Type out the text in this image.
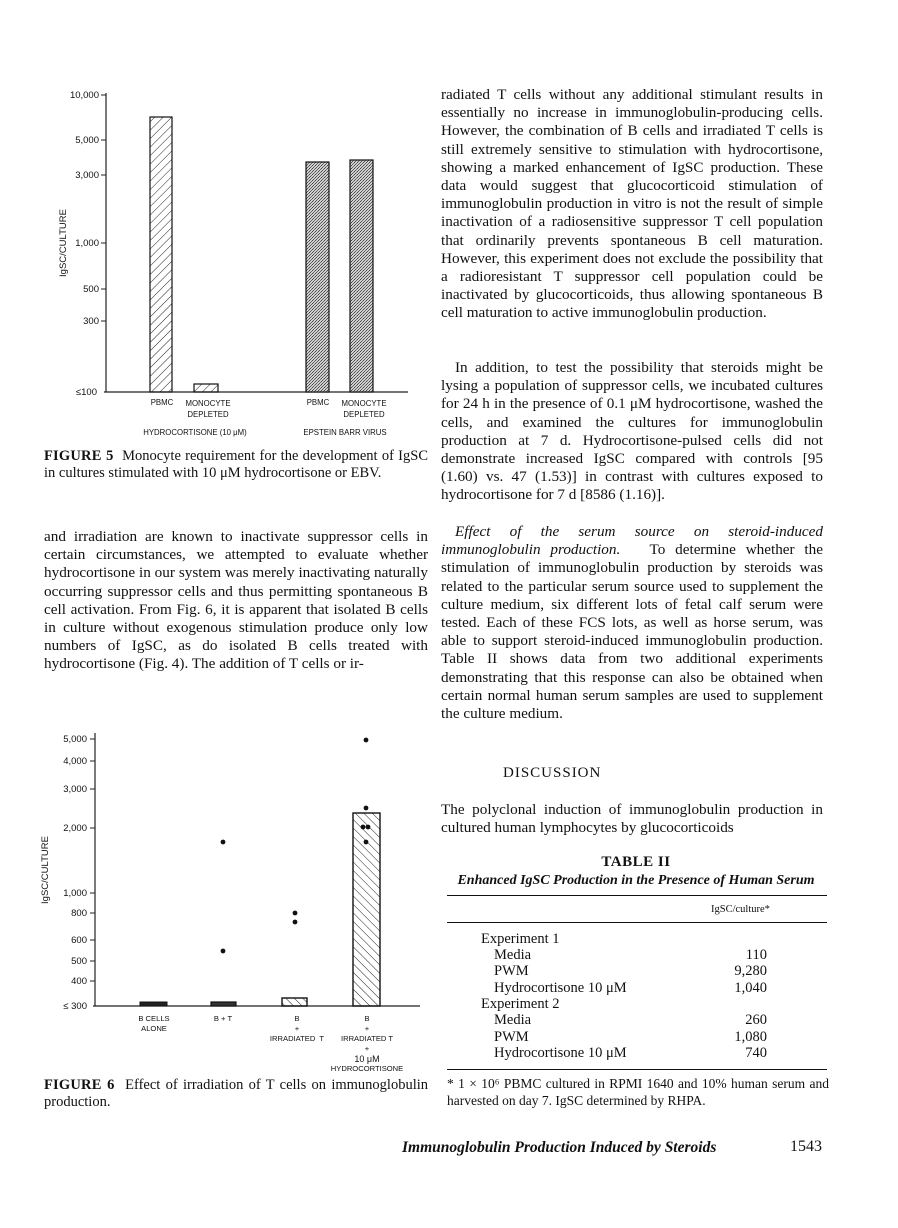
10,000
5,000
3,000
1,000
500
300
≤100
IgSC/CULTURE
PBMC	MONOCYTE
DEPLETED
PBMC	MONOCYTE
DEPLETED
HYDROCORTISONE (10 μM)	EPSTEIN BARR VIRUS
FIGURE 5 Monocyte requirement for the development of IgSC in cultures stimulated with 10 μM hydrocortisone or EBV.

and irradiation are known to inactivate suppressor cells in certain circumstances, we attempted to evaluate whether hydrocortisone in our system was merely inactivating naturally occurring suppressor cells and thus permitting spontaneous B cell activation. From Fig. 6, it is apparent that isolated B cells in culture without exogenous stimulation produce only low numbers of IgSC, as do isolated B cells treated with hydrocortisone (Fig. 4). The addition of T cells or ir-

5,000
4,000
3,000
2,000
1,000
800
600
500
400
≤ 300
IgSC/CULTURE
B CELLS
ALONE
B + T	B
+
IRRADIATED  T
B
+
IRRADIATED T
+
10 μM
HYDROCORTISONE
FIGURE 6 Effect of irradiation of T cells on immunoglobulin production.

radiated T cells without any additional stimulant results in essentially no increase in immunoglobulin-producing cells. However, the combination of B cells and irradiated T cells is still extremely sensitive to stimulation with hydrocortisone, showing a marked enhancement of IgSC production. These data would suggest that glucocorticoid stimulation of immunoglobulin production in vitro is not the result of simple inactivation of a radiosensitive suppressor T cell population that ordinarily prevents spontaneous B cell maturation. However, this experiment does not exclude the possibility that a radioresistant T suppressor cell population could be inactivated by glucocorticoids, thus allowing spontaneous B cell maturation to active immunoglobulin production.

In addition, to test the possibility that steroids might be lysing a population of suppressor cells, we incubated cultures for 24 h in the presence of 0.1 μM hydrocortisone, washed the cells, and examined the cultures for immunoglobulin production at 7 d. Hydrocortisone-pulsed cells did not demonstrate increased IgSC compared with controls [95 (1.60) vs. 47 (1.53)] in contrast with cultures exposed to hydrocortisone for 7 d [8586 (1.16)].

Effect of the serum source on steroid-induced immunoglobulin production. To determine whether the stimulation of immunoglobulin production by steroids was related to the particular serum source used to supplement the culture medium, six different lots of fetal calf serum were tested. Each of these FCS lots, as well as horse serum, was able to support steroid-induced immunoglobulin production. Table II shows data from two additional experiments demonstrating that this response can also be obtained when certain normal human serum samples are used to supplement the culture medium.

DISCUSSION

The polyclonal induction of immunoglobulin production in cultured human lymphocytes by glucocorticoids

TABLE II
Enhanced IgSC Production in the Presence of Human Serum
IgSC/culture*
Experiment 1
Media	110
PWM	9,280
Hydrocortisone 10 μM	1,040
Experiment 2
Media	260
PWM	1,080
Hydrocortisone 10 μM	740
* 1 × 10⁶ PBMC cultured in RPMI 1640 and 10% human serum and harvested on day 7. IgSC determined by RHPA.
Immunoglobulin Production Induced by Steroids	1543
